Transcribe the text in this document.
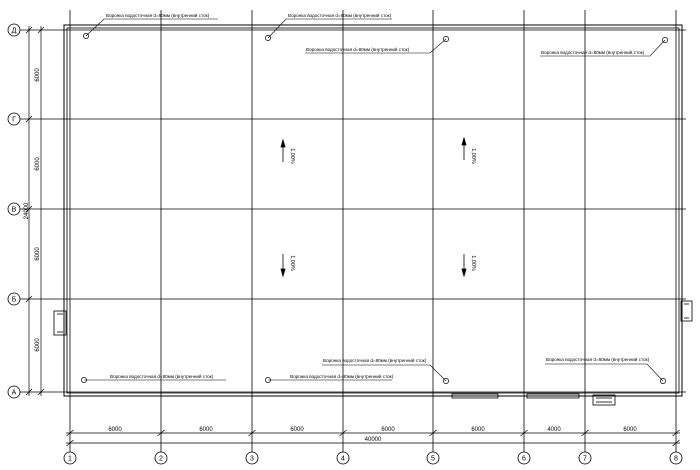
Д
Г
В
Б
А
1	2	3	4	5	6	7	8
6000	6000	6000	6000	6000	4000	6000
40000
6000
6000
6000
6000
24000
Воронка водосточная d=80мм (внутренний сток)	Воронка водосточная d=80мм (внутренний сток)
Воронка водосточная d=80мм (внутренний сток)
Воронка водосточная d=80мм (внутренний сток)
Воронка водосточная d=80мм (внутренний сток)	Воронка водосточная d=80мм (внутренний сток)
Воронка водосточная d=80мм (внутренний сток)	Воронка водосточная d=80мм (внутренний сток)
1,00%	1,00%
1,00%	1,00%
